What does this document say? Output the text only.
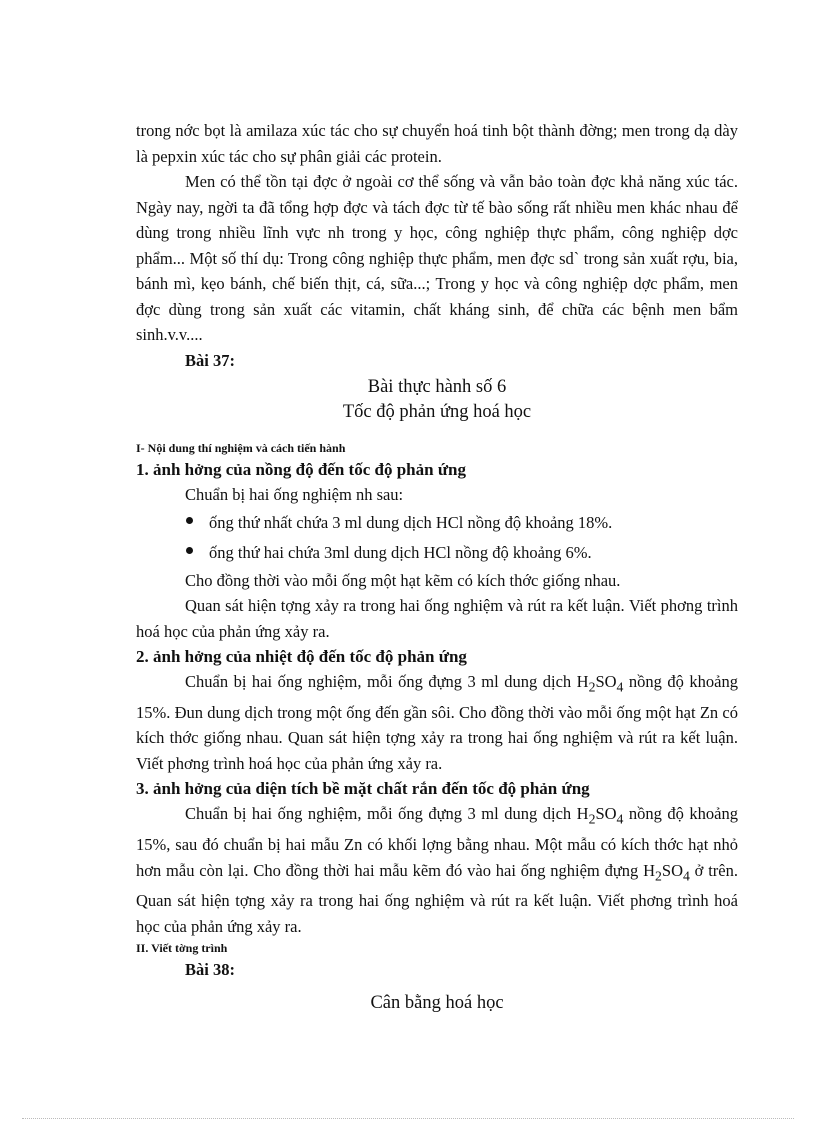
trong nớc bọt là amilaza xúc tác cho sự chuyển hoá tinh bột thành đờng; men trong dạ dày là pepxin xúc tác cho sự phân giải các protein.

Men có thể tồn tại đợc ở ngoài cơ thể sống và vẫn bảo toàn đợc khả năng xúc tác. Ngày nay, ngời ta đã tổng hợp đợc và tách đợc từ tế bào sống rất nhiều men khác nhau để dùng trong nhiều lĩnh vực nh trong y học, công nghiệp thực phẩm, công nghiệp dợc phẩm... Một số thí dụ: Trong công nghiệp thực phẩm, men đợc sd` trong sản xuất rợu, bia, bánh mì, kẹo bánh, chế biến thịt, cá, sữa...; Trong y học và công nghiệp dợc phẩm, men đợc dùng trong sản xuất các vitamin, chất kháng sinh, để chữa các bệnh men bẩm sinh.v.v....

Bài 37:

Bài thực hành số 6

Tốc độ phản ứng hoá học

I- Nội dung thí nghiệm và cách tiến hành

1. ảnh hởng của nồng độ đến tốc độ phản ứng

Chuẩn bị hai ống nghiệm nh sau:

ống thứ nhất chứa 3 ml dung dịch HCl nồng độ khoảng 18%.
ống thứ hai chứa 3ml dung dịch HCl nồng độ khoảng 6%.

Cho đồng thời vào mỗi ống một hạt kẽm có kích thớc giống nhau.

Quan sát hiện tợng xảy ra trong hai ống nghiệm và rút ra kết luận. Viết phơng trình hoá học của phản ứng xảy ra.

2. ảnh hởng của nhiệt độ đến tốc độ phản ứng

Chuẩn bị hai ống nghiệm, mỗi ống đựng 3 ml dung dịch $H_2SO_4$ nồng độ khoảng 15%. Đun dung dịch trong một ống đến gần sôi. Cho đồng thời vào mỗi ống một hạt Zn có kích thớc giống nhau. Quan sát hiện tợng xảy ra trong hai ống nghiệm và rút ra kết luận. Viết phơng trình hoá học của phản ứng xảy ra.

3. ảnh hởng của diện tích bề mặt chất rắn đến tốc độ phản ứng

Chuẩn bị hai ống nghiệm, mỗi ống đựng 3 ml dung dịch $H_2SO_4$ nồng độ khoảng 15%, sau đó chuẩn bị hai mẫu Zn có khối lợng bằng nhau. Một mẫu có kích thớc hạt nhỏ hơn mẫu còn lại. Cho đồng thời hai mẫu kẽm đó vào hai ống nghiệm đựng $H_2SO_4$ ở trên. Quan sát hiện tợng xảy ra trong hai ống nghiệm và rút ra kết luận. Viết phơng trình hoá học của phản ứng xảy ra.

II. Viết tờng trình

Bài 38:

Cân bằng hoá học
